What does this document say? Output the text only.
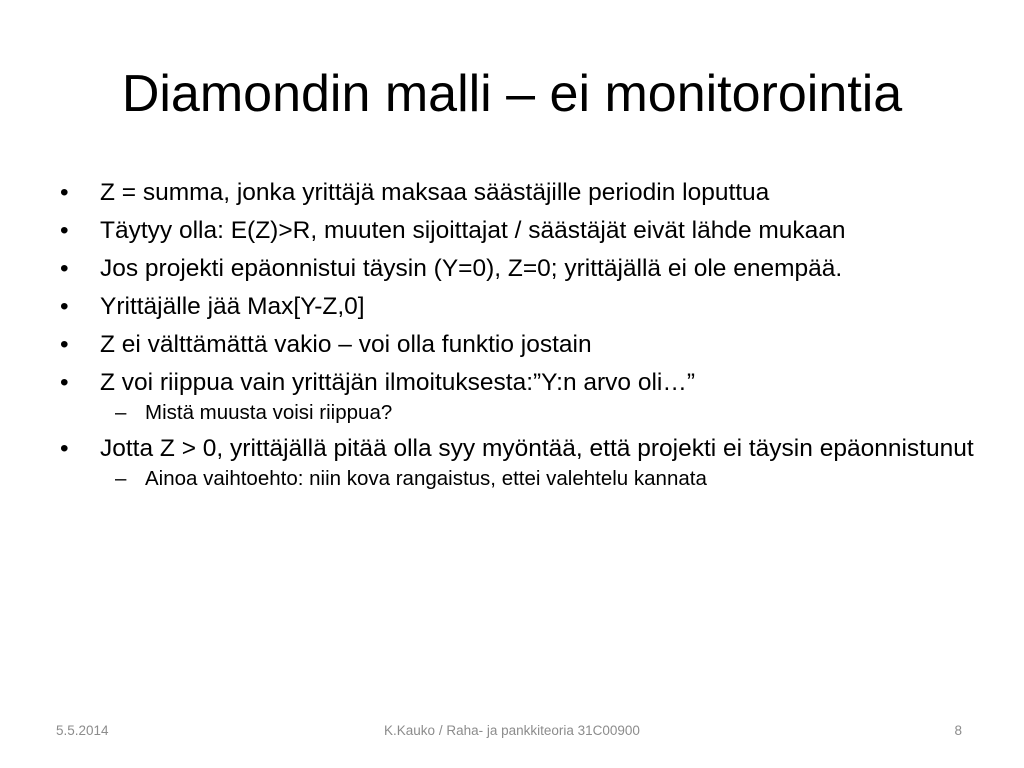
Diamondin malli – ei monitorointia
•	Z = summa, jonka yrittäjä maksaa säästäjille periodin loputtua
•	Täytyy olla: E(Z)>R, muuten sijoittajat / säästäjät eivät lähde mukaan
•	Jos projekti epäonnistui täysin (Y=0), Z=0; yrittäjällä ei ole enempää.
•	Yrittäjälle jää Max[Y-Z,0]
•	Z ei välttämättä vakio – voi olla funktio jostain
•	Z voi riippua vain yrittäjän ilmoituksesta:”Y:n arvo oli…”
– Mistä muusta voisi riippua?
•	Jotta Z > 0, yrittäjällä pitää olla syy myöntää, että projekti ei täysin epäonnistunut
– Ainoa vaihtoehto: niin kova rangaistus, ettei valehtelu kannata
5.5.2014	K.Kauko / Raha- ja pankkiteoria 31C00900	8
